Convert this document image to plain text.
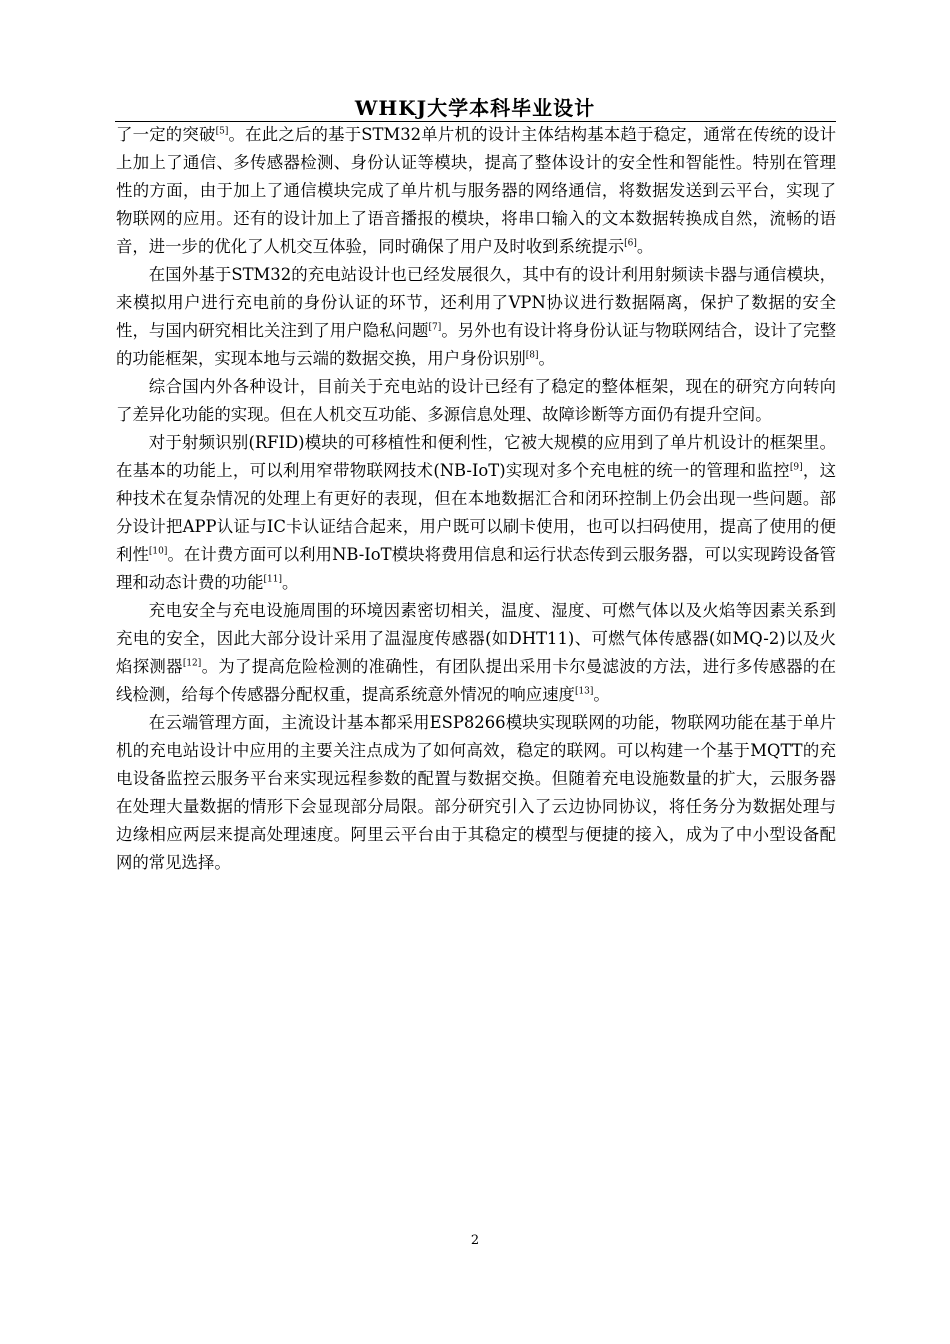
WHKJ大学本科毕业设计

了一定的突破[5]。在此之后的基于STM32单片机的设计主体结构基本趋于稳定，通常在传统的设计上加上了通信、多传感器检测、身份认证等模块，提高了整体设计的安全性和智能性。特别在管理性的方面，由于加上了通信模块完成了单片机与服务器的网络通信，将数据发送到云平台，实现了物联网的应用。还有的设计加上了语音播报的模块，将串口输入的文本数据转换成自然，流畅的语音，进一步的优化了人机交互体验，同时确保了用户及时收到系统提示[6]。

在国外基于STM32的充电站设计也已经发展很久，其中有的设计利用射频读卡器与通信模块，来模拟用户进行充电前的身份认证的环节，还利用了VPN协议进行数据隔离，保护了数据的安全性，与国内研究相比关注到了用户隐私问题[7]。另外也有设计将身份认证与物联网结合，设计了完整的功能框架，实现本地与云端的数据交换，用户身份识别[8]。

综合国内外各种设计，目前关于充电站的设计已经有了稳定的整体框架，现在的研究方向转向了差异化功能的实现。但在人机交互功能、多源信息处理、故障诊断等方面仍有提升空间。

对于射频识别(RFID)模块的可移植性和便利性，它被大规模的应用到了单片机设计的框架里。在基本的功能上，可以利用窄带物联网技术(NB-IoT)实现对多个充电桩的统一的管理和监控[9]，这种技术在复杂情况的处理上有更好的表现，但在本地数据汇合和闭环控制上仍会出现一些问题。部分设计把APP认证与IC卡认证结合起来，用户既可以刷卡使用，也可以扫码使用，提高了使用的便利性[10]。在计费方面可以利用NB-IoT模块将费用信息和运行状态传到云服务器，可以实现跨设备管理和动态计费的功能[11]。

充电安全与充电设施周围的环境因素密切相关，温度、湿度、可燃气体以及火焰等因素关系到充电的安全，因此大部分设计采用了温湿度传感器(如DHT11)、可燃气体传感器(如MQ-2)以及火焰探测器[12]。为了提高危险检测的准确性，有团队提出采用卡尔曼滤波的方法，进行多传感器的在线检测，给每个传感器分配权重，提高系统意外情况的响应速度[13]。

在云端管理方面，主流设计基本都采用ESP8266模块实现联网的功能，物联网功能在基于单片机的充电站设计中应用的主要关注点成为了如何高效，稳定的联网。可以构建一个基于MQTT的充电设备监控云服务平台来实现远程参数的配置与数据交换。但随着充电设施数量的扩大，云服务器在处理大量数据的情形下会显现部分局限。部分研究引入了云边协同协议，将任务分为数据处理与边缘相应两层来提高处理速度。阿里云平台由于其稳定的模型与便捷的接入，成为了中小型设备配网的常见选择。

2
